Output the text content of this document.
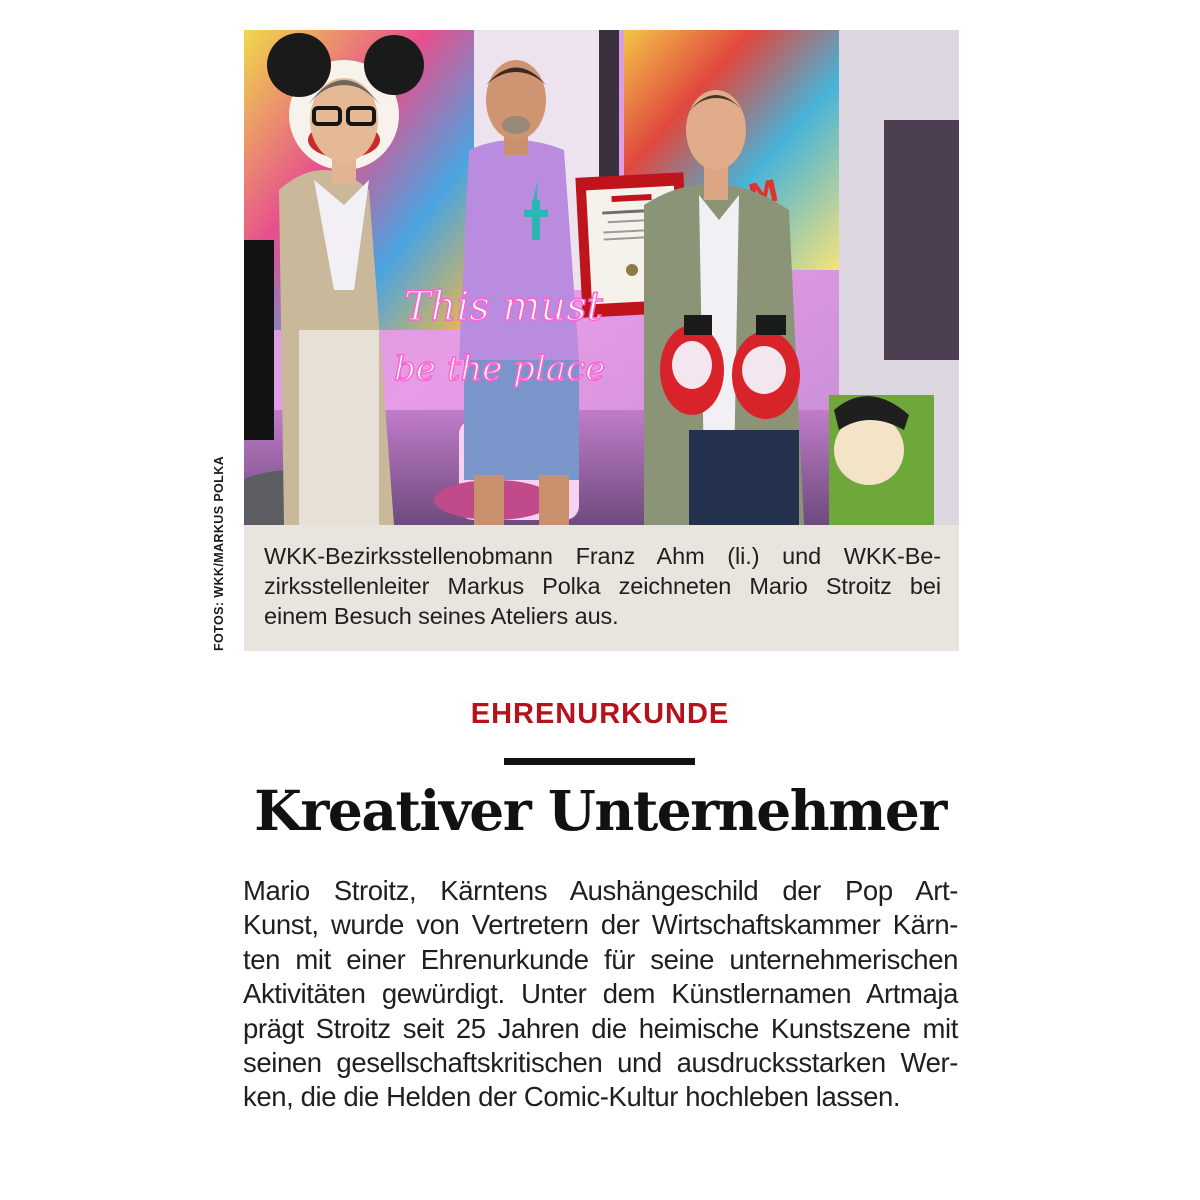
This must
be the place

WKK-Bezirksstellenobmann Franz Ahm (li.) und WKK-Be-

zirksstellenleiter Markus Polka zeichneten Mario Stroitz bei

einem Besuch seines Ateliers aus.

FOTOS: WKK/MARKUS POLKA
EHRENURKUNDE
Kreativer Unternehmer
Mario Stroitz, Kärntens Aushängeschild der Pop Art-
Kunst, wurde von Vertretern der Wirtschaftskammer Kärn-
ten mit einer Ehrenurkunde für seine unternehmerischen
Aktivitäten gewürdigt. Unter dem Künstlernamen Artmaja
prägt Stroitz seit 25 Jahren die heimische Kunstszene mit
seinen gesellschaftskritischen und ausdrucksstarken Wer-
ken, die die Helden der Comic-Kultur hochleben lassen.
